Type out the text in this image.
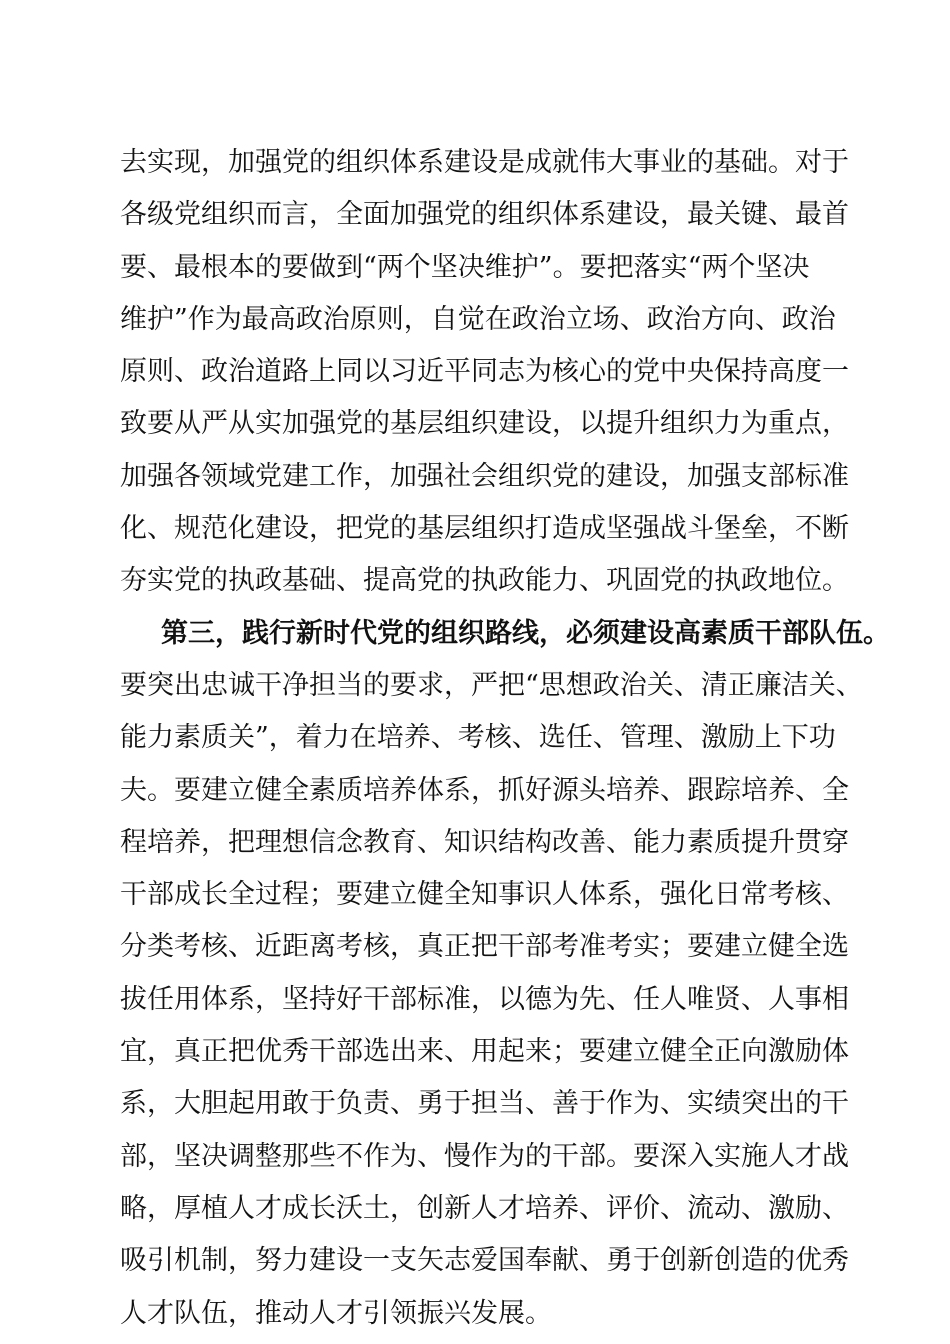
去实现，加强党的组织体系建设是成就伟大事业的基础。对于
各级党组织而言，全面加强党的组织体系建设，最关键、最首
要、最根本的要做到“两个坚决维护”。要把落实“两个坚决
维护”作为最高政治原则，自觉在政治立场、政治方向、政治
原则、政治道路上同以习近平同志为核心的党中央保持高度一
致要从严从实加强党的基层组织建设，以提升组织力为重点，
加强各领域党建工作，加强社会组织党的建设，加强支部标准
化、规范化建设，把党的基层组织打造成坚强战斗堡垒，不断
夯实党的执政基础、提高党的执政能力、巩固党的执政地位。
第三，践行新时代党的组织路线，必须建设高素质干部队伍。
要突出忠诚干净担当的要求，严把“思想政治关、清正廉洁关、
能力素质关”，着力在培养、考核、选任、管理、激励上下功
夫。要建立健全素质培养体系，抓好源头培养、跟踪培养、全
程培养，把理想信念教育、知识结构改善、能力素质提升贯穿
干部成长全过程；要建立健全知事识人体系，强化日常考核、
分类考核、近距离考核，真正把干部考准考实；要建立健全选
拔任用体系，坚持好干部标准，以德为先、任人唯贤、人事相
宜，真正把优秀干部选出来、用起来；要建立健全正向激励体
系，大胆起用敢于负责、勇于担当、善于作为、实绩突出的干
部，坚决调整那些不作为、慢作为的干部。要深入实施人才战
略，厚植人才成长沃土，创新人才培养、评价、流动、激励、
吸引机制，努力建设一支矢志爱国奉献、勇于创新创造的优秀
人才队伍，推动人才引领振兴发展。
